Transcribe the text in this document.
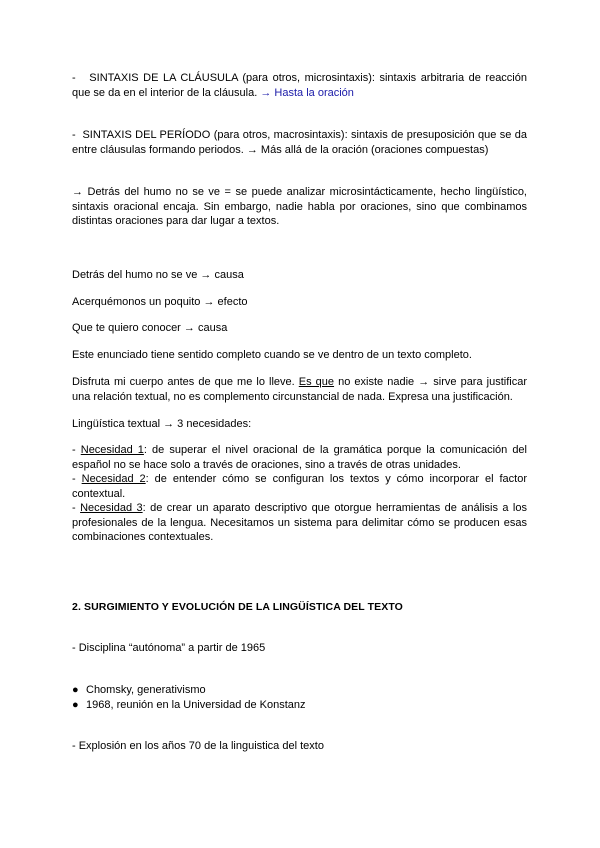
- SINTAXIS DE LA CLÁUSULA (para otros, microsintaxis): sintaxis arbitraria de reacción que se da en el interior de la cláusula. → Hasta la oración
- SINTAXIS DEL PERÍODO (para otros, macrosintaxis): sintaxis de presuposición que se da entre cláusulas formando periodos. → Más allá de la oración (oraciones compuestas)
→ Detrás del humo no se ve = se puede analizar microsintácticamente, hecho lingüístico, sintaxis oracional encaja. Sin embargo, nadie habla por oraciones, sino que combinamos distintas oraciones para dar lugar a textos.
Detrás del humo no se ve → causa
Acerquémonos un poquito → efecto
Que te quiero conocer → causa
Este enunciado tiene sentido completo cuando se ve dentro de un texto completo.
Disfruta mi cuerpo antes de que me lo lleve. Es que no existe nadie → sirve para justificar una relación textual, no es complemento circunstancial de nada. Expresa una justificación.
Lingüística textual → 3 necesidades:
- Necesidad 1: de superar el nivel oracional de la gramática porque la comunicación del español no se hace solo a través de oraciones, sino a través de otras unidades.
- Necesidad 2: de entender cómo se configuran los textos y cómo incorporar el factor contextual.
- Necesidad 3: de crear un aparato descriptivo que otorgue herramientas de análisis a los profesionales de la lengua. Necesitamos un sistema para delimitar cómo se producen esas combinaciones contextuales.
2. SURGIMIENTO Y EVOLUCIÓN DE LA LINGÜÍSTICA DEL TEXTO
- Disciplina “autónoma” a partir de 1965
● Chomsky, generativismo
● 1968, reunión en la Universidad de Konstanz
- Explosión en los años 70 de la linguistica del texto
